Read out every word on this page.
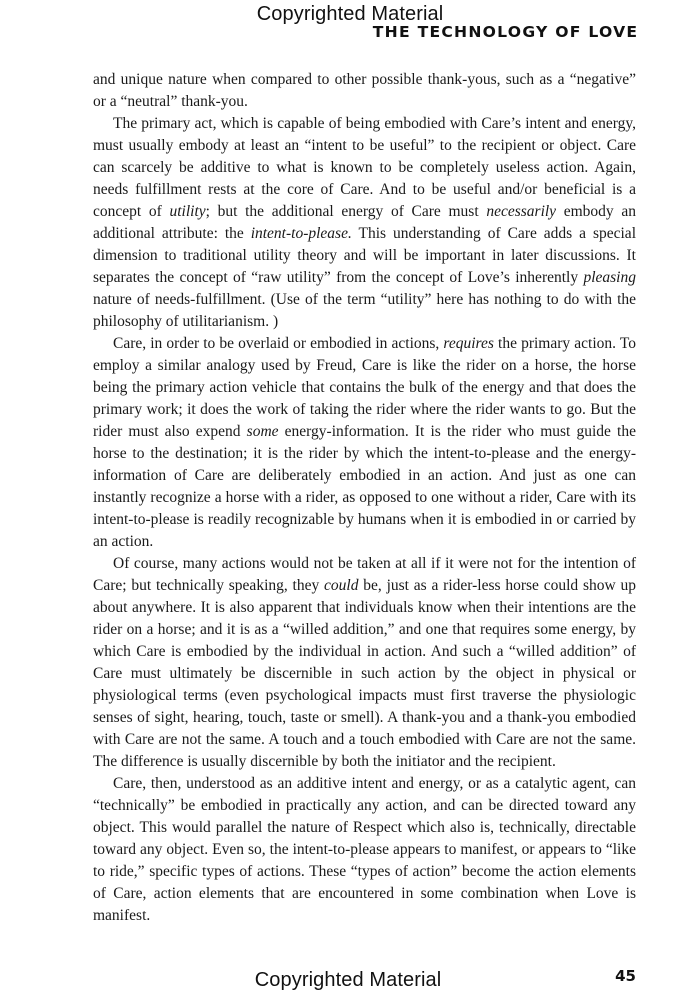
Copyrighted Material
THE TECHNOLOGY OF LOVE

and unique nature when compared to other possible thank-yous, such as a “negative” or a “neutral” thank-you.

The primary act, which is capable of being embodied with Care’s intent and energy, must usually embody at least an “intent to be useful” to the recipient or object. Care can scarcely be additive to what is known to be completely useless action. Again, needs fulfillment rests at the core of Care. And to be useful and/or beneficial is a concept of utility; but the additional energy of Care must necessarily embody an additional attribute: the intent-to-please. This understanding of Care adds a special dimension to traditional utility theory and will be important in later discussions. It separates the concept of “raw utility” from the concept of Love’s inherently pleasing nature of needs-fulfillment. (Use of the term “utility” here has nothing to do with the philosophy of utilitarianism. )

Care, in order to be overlaid or embodied in actions, requires the primary action. To employ a similar analogy used by Freud, Care is like the rider on a horse, the horse being the primary action vehicle that contains the bulk of the energy and that does the primary work; it does the work of taking the rider where the rider wants to go. But the rider must also expend some energy-information. It is the rider who must guide the horse to the destination; it is the rider by which the intent-to-please and the energy-information of Care are deliberately embodied in an action. And just as one can instantly recognize a horse with a rider, as opposed to one without a rider, Care with its intent-to-please is readily recognizable by humans when it is embodied in or carried by an action.

Of course, many actions would not be taken at all if it were not for the intention of Care; but technically speaking, they could be, just as a rider-less horse could show up about anywhere. It is also apparent that individuals know when their intentions are the rider on a horse; and it is as a “willed addition,” and one that requires some energy, by which Care is embodied by the individual in action. And such a “willed addition” of Care must ultimately be discernible in such action by the object in physical or physiological terms (even psychological impacts must first traverse the physiologic senses of sight, hearing, touch, taste or smell). A thank-you and a thank-you embodied with Care are not the same. A touch and a touch embodied with Care are not the same. The difference is usually discernible by both the initiator and the recipient.

Care, then, understood as an additive intent and energy, or as a catalytic agent, can “technically” be embodied in practically any action, and can be directed toward any object. This would parallel the nature of Respect which also is, technically, directable toward any object. Even so, the intent-to-please appears to manifest, or appears to “like to ride,” specific types of actions. These “types of action” become the action elements of Care, action elements that are encountered in some combination when Love is manifest.

Copyrighted Material	45
